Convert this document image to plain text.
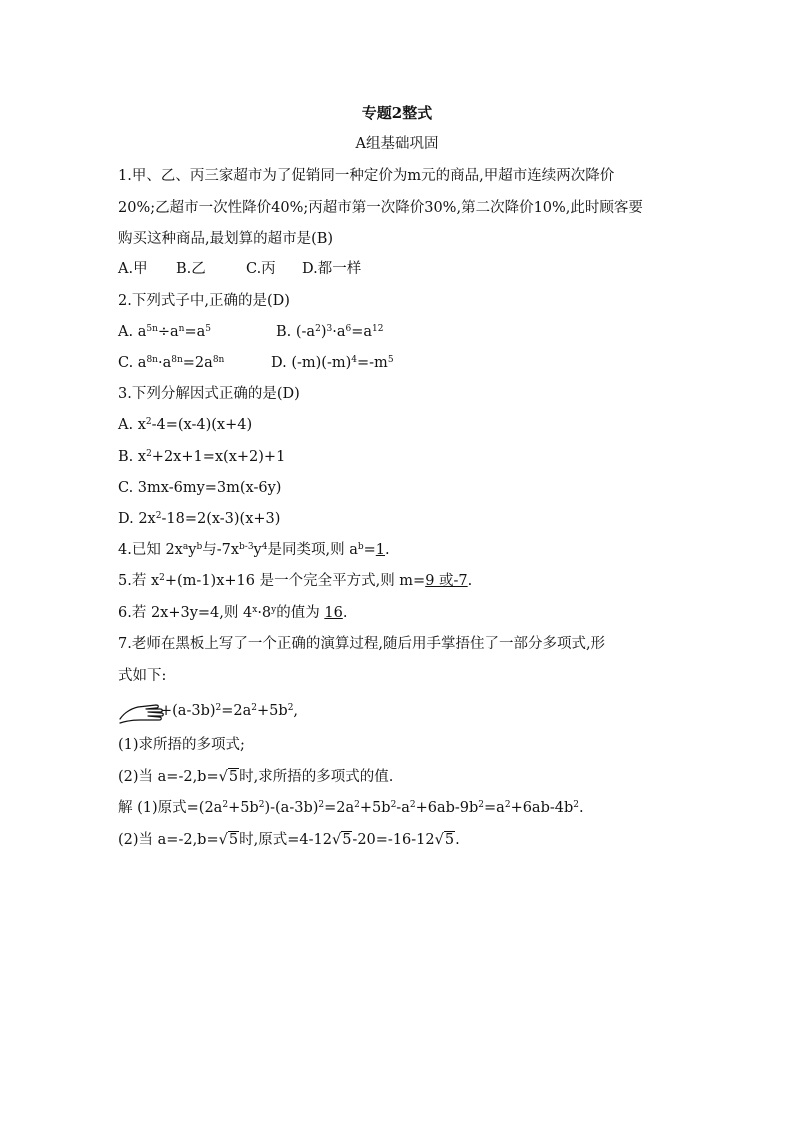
专题2整式
A组基础巩固
1.甲、乙、丙三家超市为了促销同一种定价为m元的商品,甲超市连续两次降价
20%;乙超市一次性降价40%;丙超市第一次降价30%,第二次降价10%,此时顾客要
购买这种商品,最划算的超市是(B)
A.甲 B.乙	C.丙 D.都一样
2.下列式子中,正确的是(D)
A. $a^{5n}\div a^n=a^5$	B. $(-a^2)^3\cdot a^6=a^{12}$
C. $a^{8n}\cdot a^{8n}=2a^{8n}$	D. $(-m)(-m)^4=-m^5$
3.下列分解因式正确的是(D)
A. $x^2-4=(x-4)(x+4)$
B. $x^2+2x+1=x(x+2)+1$
C. 3mx-6my=3m(x-6y)
D. $2x^2-18=2(x-3)(x+3)$
4.已知 $2x^ay^b$与$-7x^{b-3}y^4$是同类项,则 $a^b=1$.
5.若 $x^2+(m-1)x+16$ 是一个完全平方式,则 m=9 或-7.
6.若 2x+3y=4,则 $4^x\cdot 8^y$的值为 16.
7.老师在黑板上写了一个正确的演算过程,随后用手掌捂住了一部分多项式,形
式如下:
$+(a-3b)^2=2a^2+5b^2$,
(1)求所捂的多项式;
(2)当 a=-2,b=√5时,求所捂的多项式的值.
解 (1)原式$=(2a^2+5b^2)-(a-3b)^2=2a^2+5b^2-a^2+6ab-9b^2=a^2+6ab-4b^2$.
(2)当 a=-2,b=√5时,原式=4-12√5-20=-16-12√5.
